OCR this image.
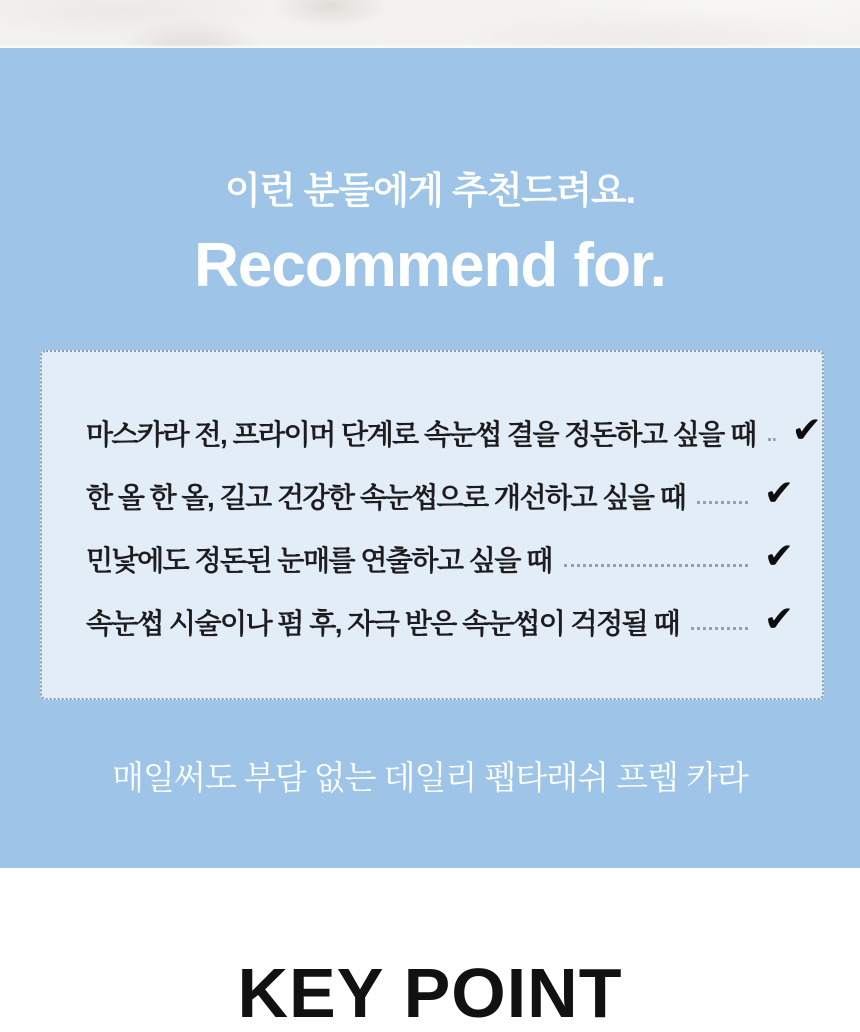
이런 분들에게 추천드려요.
Recommend for.
마스카라 전, 프라이머 단계로 속눈썹 결을 정돈하고 싶을 때 ✔
한 올 한 올, 길고 건강한 속눈썹으로 개선하고 싶을 때 ✔
민낯에도 정돈된 눈매를 연출하고 싶을 때	✔
속눈썹 시술이나 펌 후, 자극 받은 속눈썹이 걱정될 때 ✔
매일써도 부담 없는 데일리 펩타래쉬 프렙 카라
KEY POINT
